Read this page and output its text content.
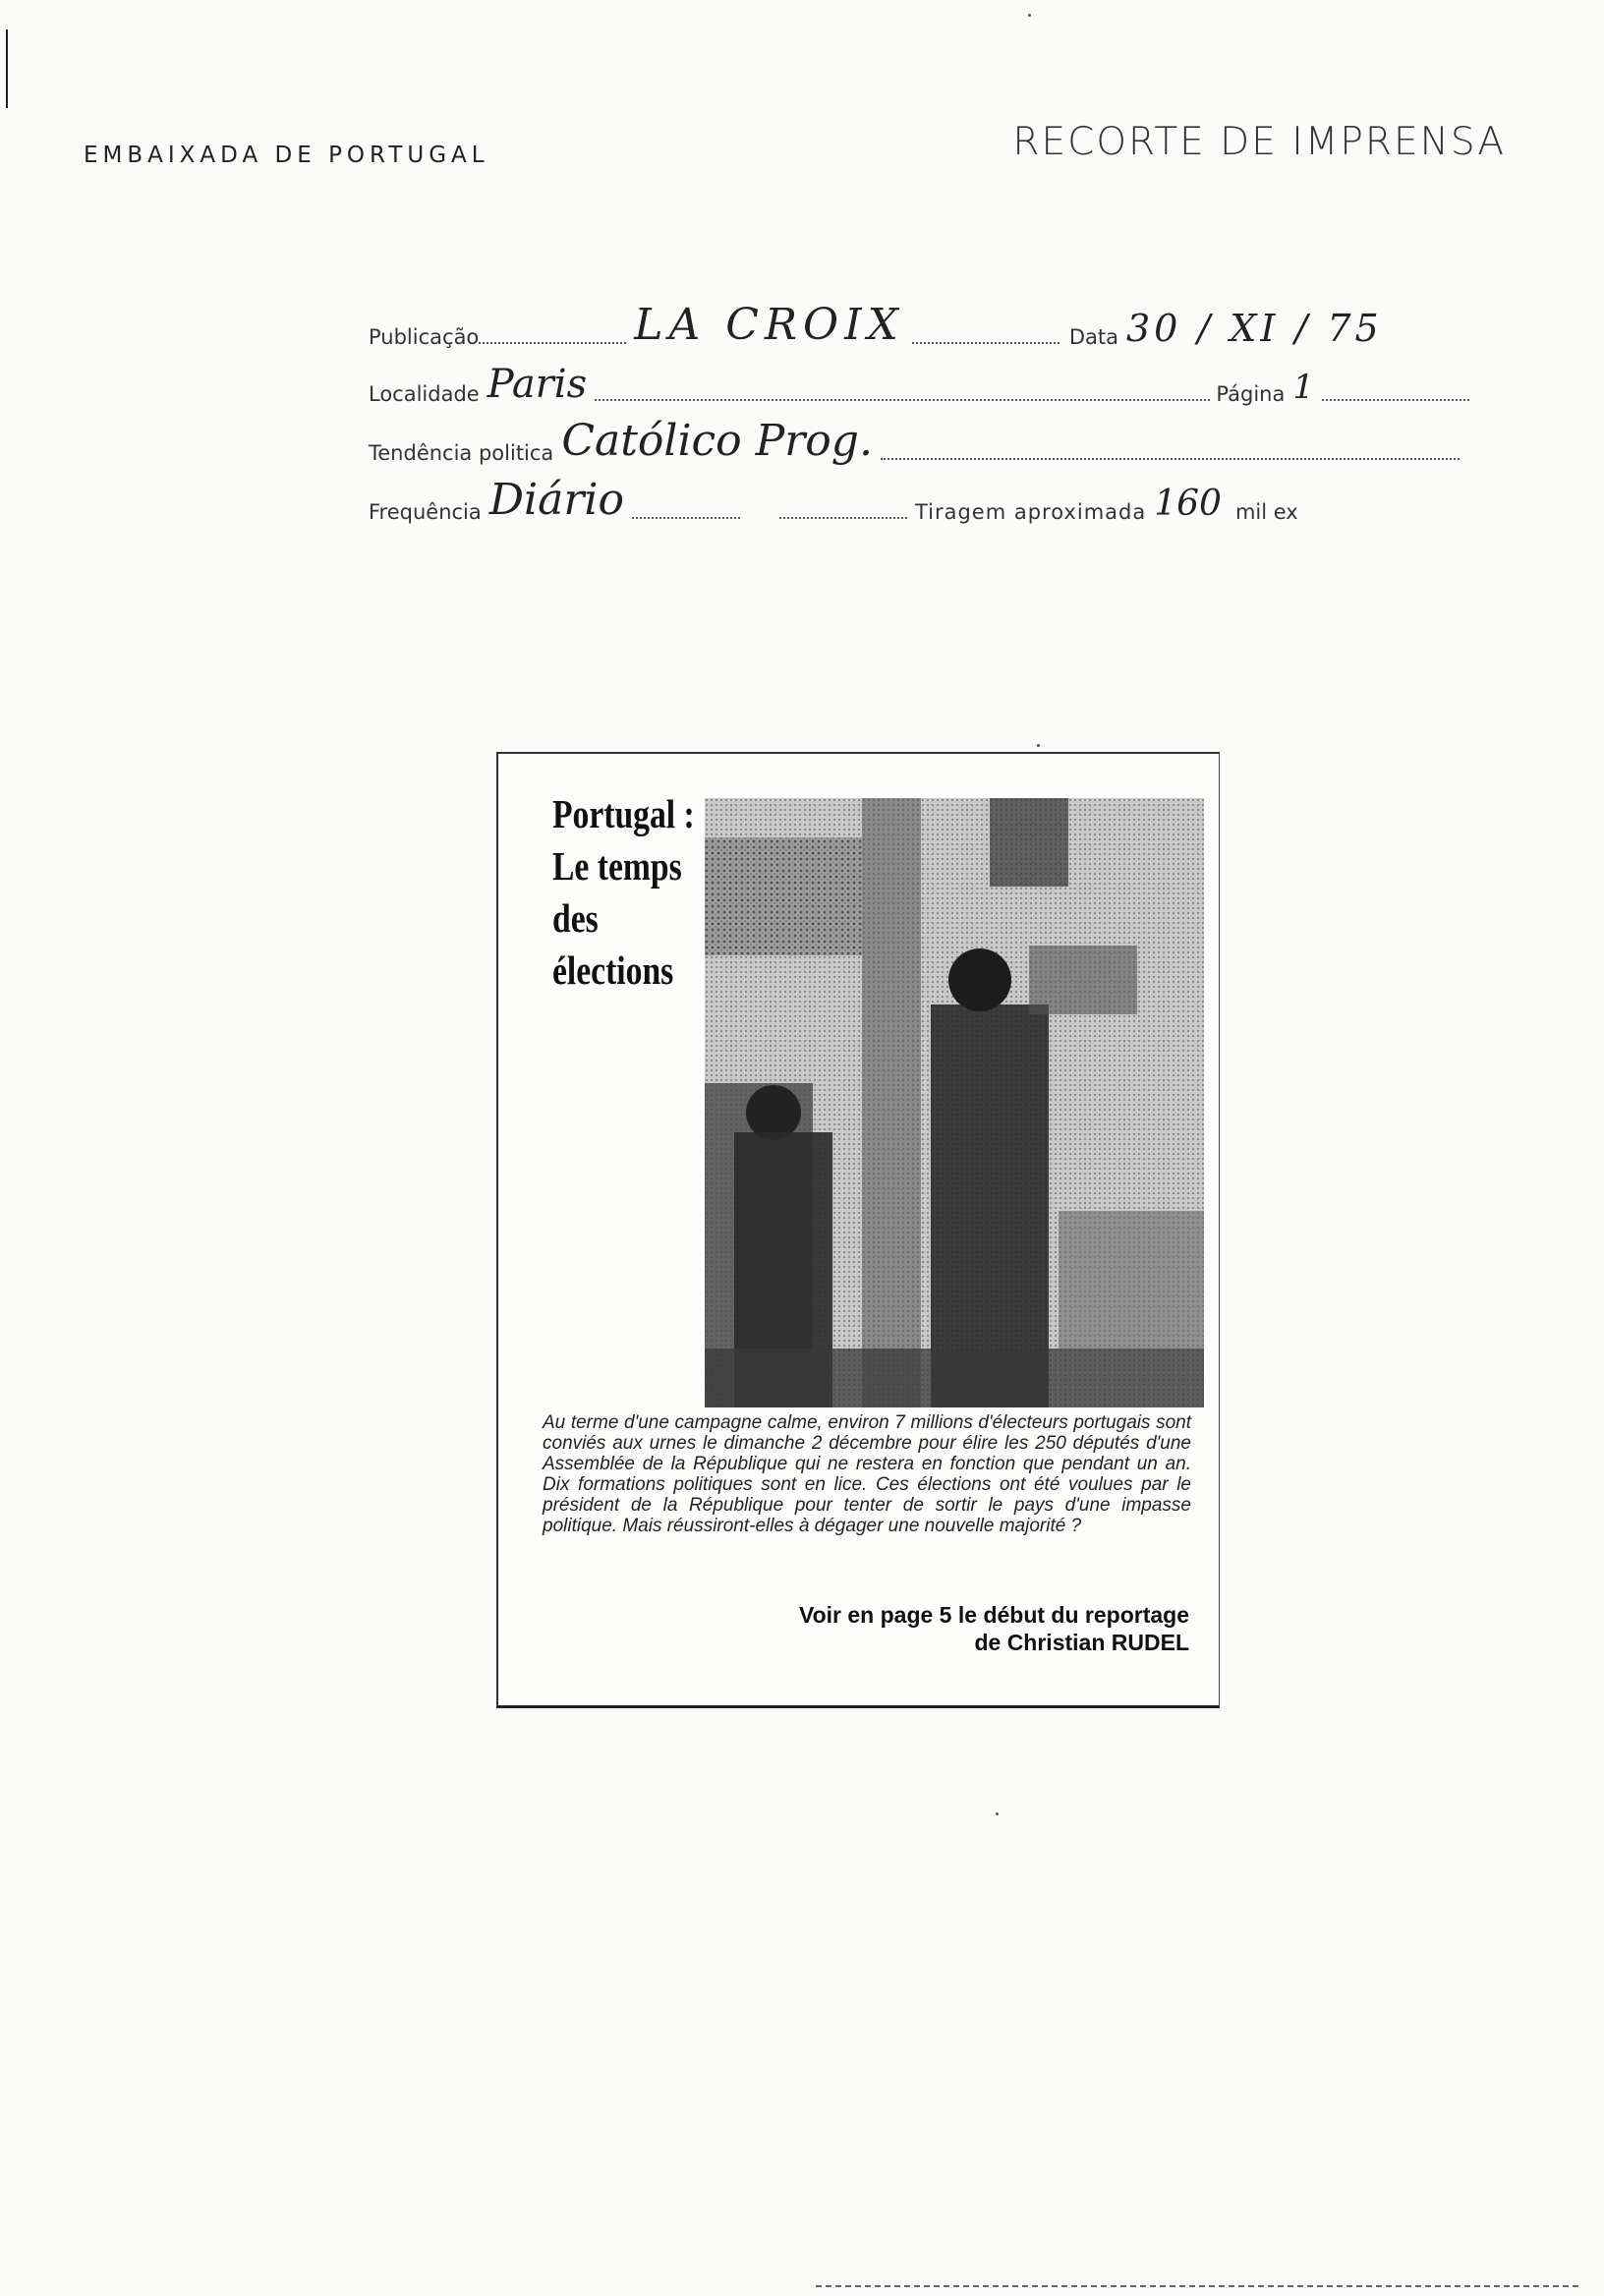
EMBAIXADA DE PORTUGAL	RECORTE DE IMPRENSA
Publicação	LA CROIX	Data 30 / XI / 75
Localidade Paris	Página 1
Tendência politica Católico Prog.
Frequência Diário	Tiragem aproximada 160 mil ex
Portugal :
Le temps
des
élections
Au terme d'une campagne calme, environ 7 millions d'électeurs portugais sont conviés aux urnes le dimanche 2 décembre pour élire les 250 députés d'une Assemblée de la République qui ne restera en fonction que pendant un an. Dix formations politiques sont en lice. Ces élections ont été voulues par le président de la République pour tenter de sortir le pays d'une impasse politique. Mais réussiront-elles à dégager une nouvelle majorité ?
Voir en page 5 le début du reportage
de Christian RUDEL
